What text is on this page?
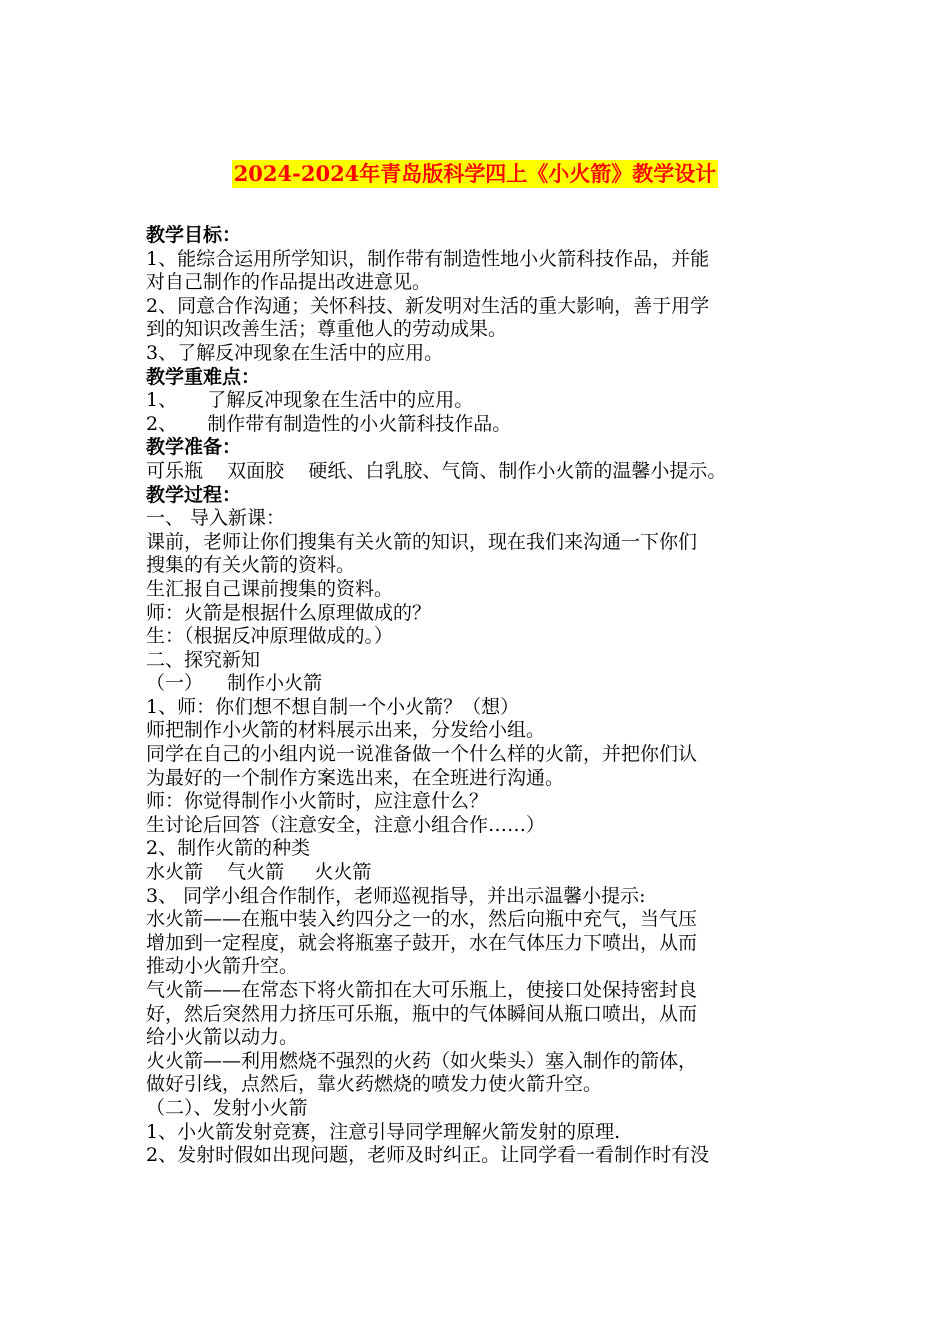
2024-2024年青岛版科学四上《小火箭》教学设计
教学目标：
1、能综合运用所学知识，制作带有制造性地小火箭科技作品，并能
对自己制作的作品提出改进意见。
2、同意合作沟通；关怀科技、新发明对生活的重大影响，善于用学
到的知识改善生活；尊重他人的劳动成果。
3、了解反冲现象在生活中的应用。
教学重难点：
1、     了解反冲现象在生活中的应用。
2、     制作带有制造性的小火箭科技作品。
教学准备：
可乐瓶    双面胶    硬纸、白乳胶、气筒、制作小火箭的温馨小提示。
教学过程：
一、 导入新课：
课前，老师让你们搜集有关火箭的知识，现在我们来沟通一下你们
搜集的有关火箭的资料。
生汇报自己课前搜集的资料。
师：火箭是根据什么原理做成的？
生：（根据反冲原理做成的。）
二、探究新知
（一）    制作小火箭
1、师：你们想不想自制一个小火箭？（想）
师把制作小火箭的材料展示出来，分发给小组。
同学在自己的小组内说一说准备做一个什么样的火箭，并把你们认
为最好的一个制作方案选出来，在全班进行沟通。
师：你觉得制作小火箭时，应注意什么？
生讨论后回答（注意安全，注意小组合作……）
2、制作火箭的种类
水火箭    气火箭     火火箭
3、 同学小组合作制作，老师巡视指导，并出示温馨小提示:
水火箭——在瓶中装入约四分之一的水，然后向瓶中充气，当气压
增加到一定程度，就会将瓶塞子鼓开，水在气体压力下喷出，从而
推动小火箭升空。
气火箭——在常态下将火箭扣在大可乐瓶上，使接口处保持密封良
好，然后突然用力挤压可乐瓶，瓶中的气体瞬间从瓶口喷出，从而
给小火箭以动力。
火火箭——利用燃烧不强烈的火药（如火柴头）塞入制作的箭体，
做好引线，点然后，靠火药燃烧的喷发力使火箭升空。
（二）、发射小火箭
1、小火箭发射竞赛，注意引导同学理解火箭发射的原理.
2、发射时假如出现问题，老师及时纠正。让同学看一看制作时有没
